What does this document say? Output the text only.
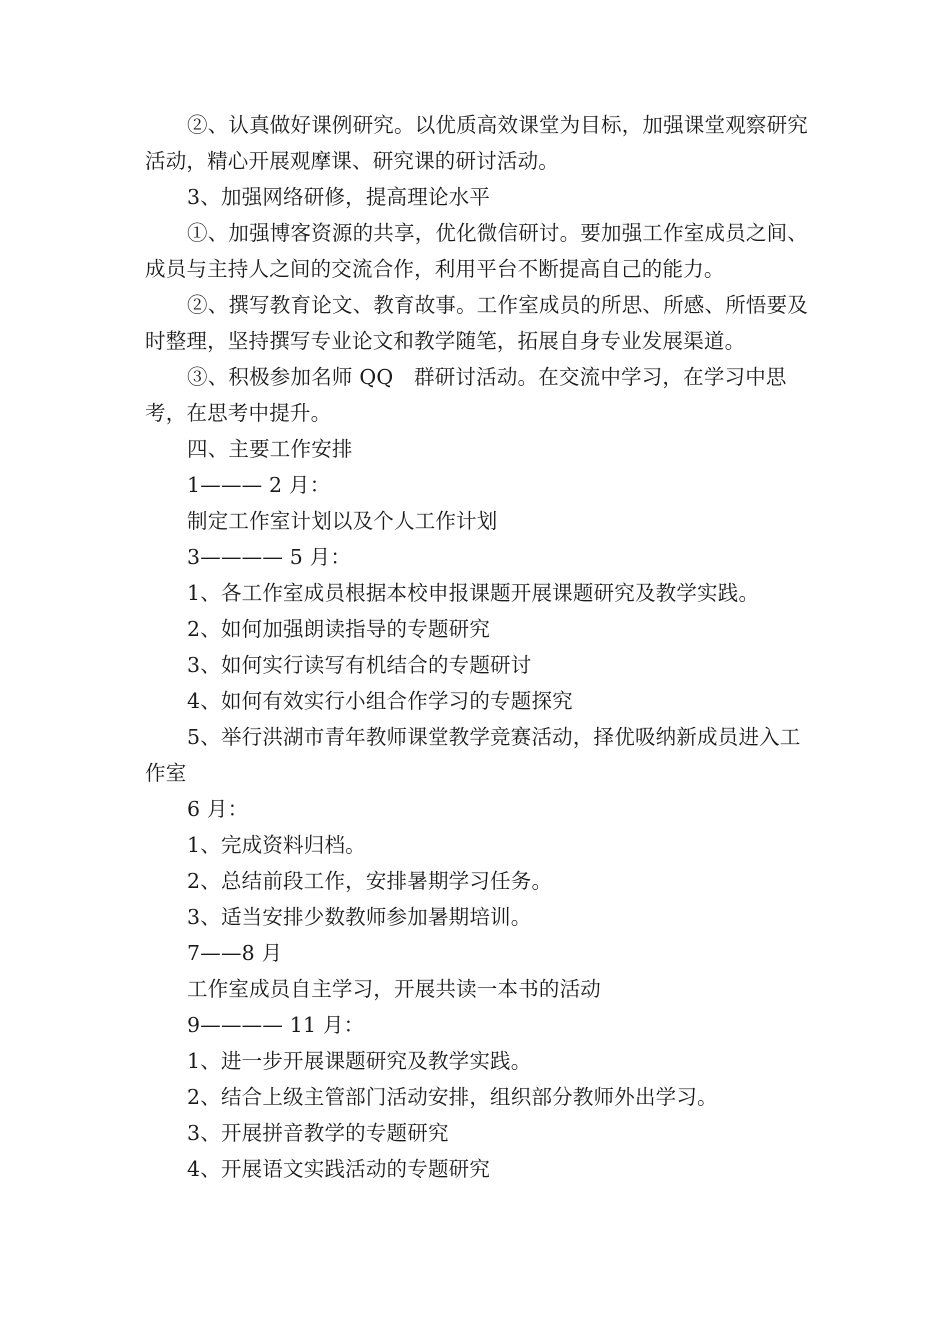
②、认真做好课例研究。以优质高效课堂为目标，加强课堂观察研究活动，精心开展观摩课、研究课的研讨活动。

3、加强网络研修，提高理论水平

①、加强博客资源的共享，优化微信研讨。要加强工作室成员之间、成员与主持人之间的交流合作，利用平台不断提高自己的能力。

②、撰写教育论文、教育故事。工作室成员的所思、所感、所悟要及时整理，坚持撰写专业论文和教学随笔，拓展自身专业发展渠道。

③、积极参加名师 QQ　群研讨活动。在交流中学习，在学习中思考，在思考中提升。

四、主要工作安排

1——— 2 月：

制定工作室计划以及个人工作计划

3———— 5 月：

1、各工作室成员根据本校申报课题开展课题研究及教学实践。

2、如何加强朗读指导的专题研究

3、如何实行读写有机结合的专题研讨

4、如何有效实行小组合作学习的专题探究

5、举行洪湖市青年教师课堂教学竞赛活动，择优吸纳新成员进入工作室

6 月：

1、完成资料归档。

2、总结前段工作，安排暑期学习任务。

3、适当安排少数教师参加暑期培训。

7——8 月

工作室成员自主学习，开展共读一本书的活动

9———— 11 月：

1、进一步开展课题研究及教学实践。

2、结合上级主管部门活动安排，组织部分教师外出学习。

3、开展拼音教学的专题研究

4、开展语文实践活动的专题研究
